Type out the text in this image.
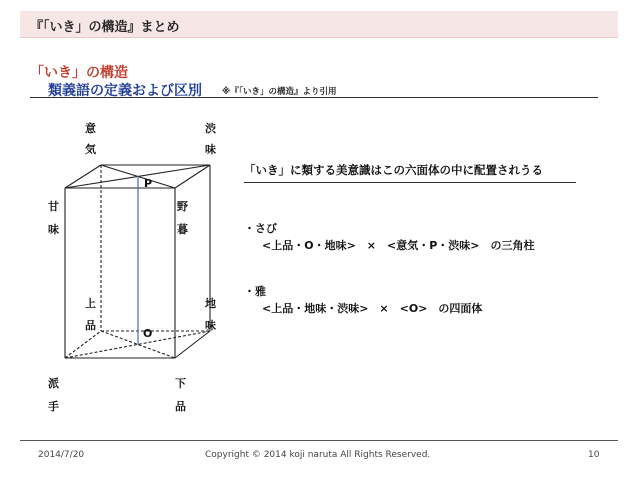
『「いき」の構造』まとめ
「いき」の構造
類義語の定義および区別 ※『「いき」の構造』より引用
意
気
渋
味
甘
味
野
暮
上
品
地
味
派
手
下
品
P
O
「いき」に類する美意識はこの六面体の中に配置されうる
・さび
<上品・O・地味>　×　<意気・P・渋味>　の三角柱
・雅
<上品・地味・渋味>　×　<O>　の四面体
2014/7/20	Copyright © 2014 koji naruta All Rights Reserved.	10
